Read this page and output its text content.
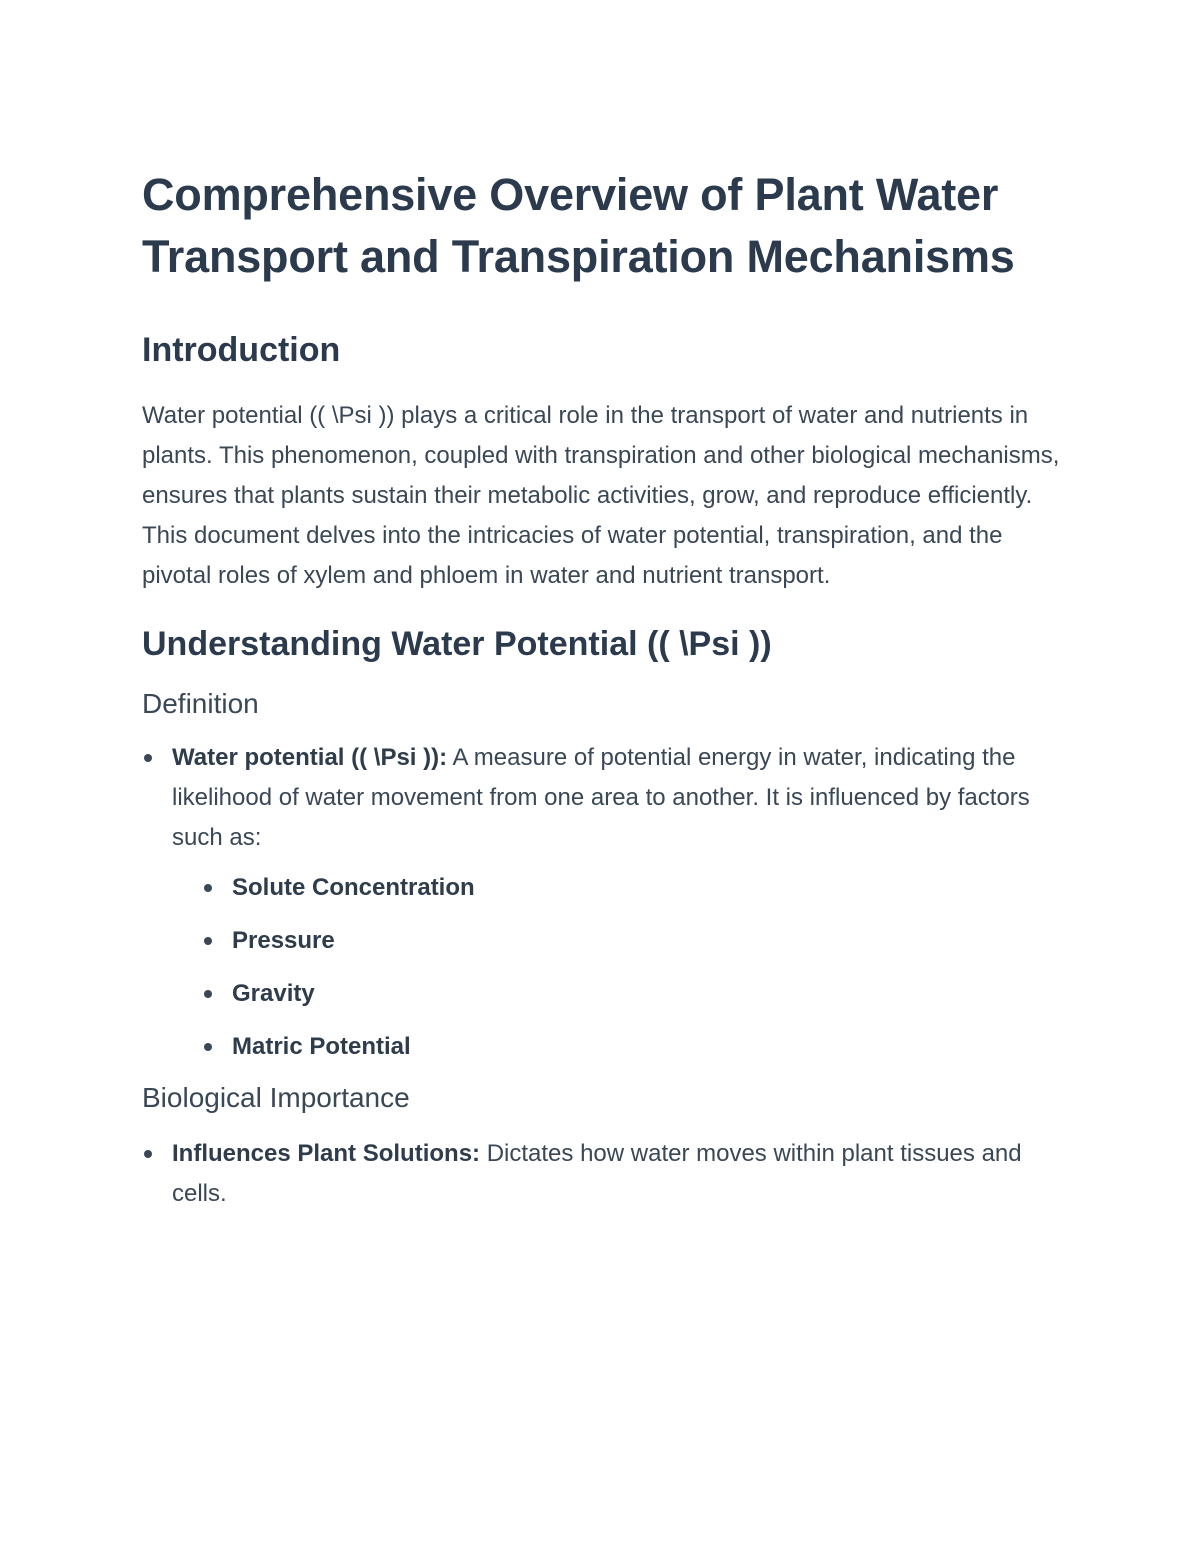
Comprehensive Overview of Plant Water Transport and Transpiration Mechanisms
Introduction

Water potential (( \Psi )) plays a critical role in the transport of water and nutrients in plants. This phenomenon, coupled with transpiration and other biological mechanisms, ensures that plants sustain their metabolic activities, grow, and reproduce efficiently. This document delves into the intricacies of water potential, transpiration, and the pivotal roles of xylem and phloem in water and nutrient transport.

Understanding Water Potential (( \Psi ))
Definition
Water potential (( \Psi )): A measure of potential energy in water, indicating the likelihood of water movement from one area to another. It is influenced by factors such as:
Solute Concentration
Pressure
Gravity
Matric Potential
Biological Importance
Influences Plant Solutions: Dictates how water moves within plant tissues and cells.
